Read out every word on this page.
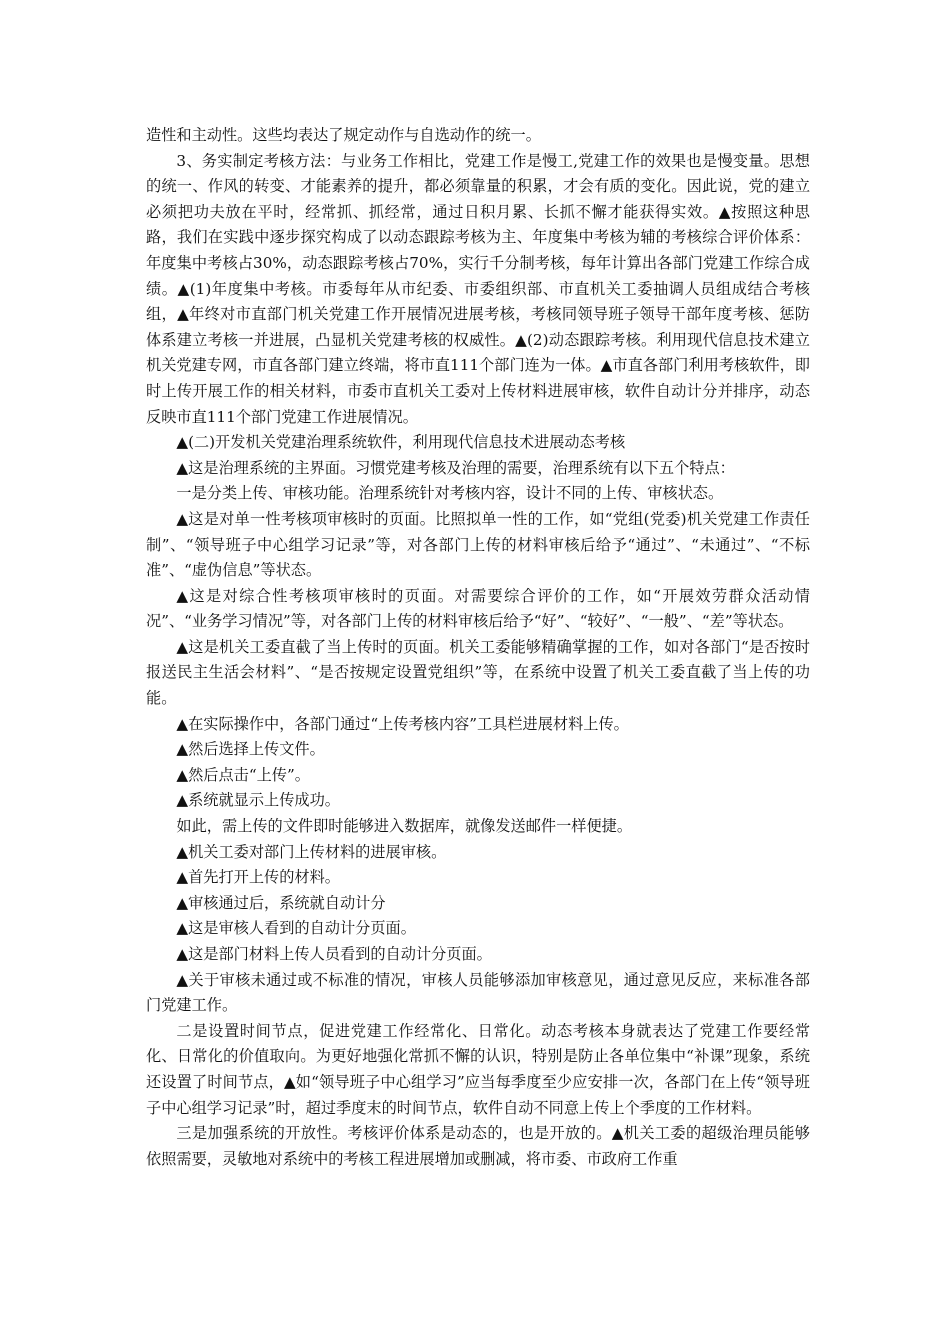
造性和主动性。这些均表达了规定动作与自选动作的统一。

3、务实制定考核方法：与业务工作相比，党建工作是慢工,党建工作的效果也是慢变量。思想的统一、作风的转变、才能素养的提升，都必须靠量的积累，才会有质的变化。因此说，党的建立必须把功夫放在平时，经常抓、抓经常，通过日积月累、长抓不懈才能获得实效。▲按照这种思路，我们在实践中逐步探究构成了以动态跟踪考核为主、年度集中考核为辅的考核综合评价体系：年度集中考核占30%，动态跟踪考核占70%，实行千分制考核，每年计算出各部门党建工作综合成绩。▲(1)年度集中考核。市委每年从市纪委、市委组织部、市直机关工委抽调人员组成结合考核组，▲年终对市直部门机关党建工作开展情况进展考核，考核同领导班子领导干部年度考核、惩防体系建立考核一并进展，凸显机关党建考核的权威性。▲(2)动态跟踪考核。利用现代信息技术建立机关党建专网，市直各部门建立终端，将市直111个部门连为一体。▲市直各部门利用考核软件，即时上传开展工作的相关材料，市委市直机关工委对上传材料进展审核，软件自动计分并排序，动态反映市直111个部门党建工作进展情况。

▲(二)开发机关党建治理系统软件，利用现代信息技术进展动态考核

▲这是治理系统的主界面。习惯党建考核及治理的需要，治理系统有以下五个特点：

一是分类上传、审核功能。治理系统针对考核内容，设计不同的上传、审核状态。

▲这是对单一性考核项审核时的页面。比照拟单一性的工作，如“党组(党委)机关党建工作责任制”、“领导班子中心组学习记录”等，对各部门上传的材料审核后给予“通过”、“未通过”、“不标准”、“虚伪信息”等状态。

▲这是对综合性考核项审核时的页面。对需要综合评价的工作，如“开展效劳群众活动情况”、“业务学习情况”等，对各部门上传的材料审核后给予“好”、“较好”、“一般”、“差”等状态。

▲这是机关工委直截了当上传时的页面。机关工委能够精确掌握的工作，如对各部门“是否按时报送民主生活会材料”、“是否按规定设置党组织”等，在系统中设置了机关工委直截了当上传的功能。

▲在实际操作中，各部门通过“上传考核内容”工具栏进展材料上传。

▲然后选择上传文件。

▲然后点击“上传”。

▲系统就显示上传成功。

如此，需上传的文件即时能够进入数据库，就像发送邮件一样便捷。

▲机关工委对部门上传材料的进展审核。

▲首先打开上传的材料。

▲审核通过后，系统就自动计分

▲这是审核人看到的自动计分页面。

▲这是部门材料上传人员看到的自动计分页面。

▲关于审核未通过或不标准的情况，审核人员能够添加审核意见，通过意见反应，来标准各部门党建工作。

二是设置时间节点，促进党建工作经常化、日常化。动态考核本身就表达了党建工作要经常化、日常化的价值取向。为更好地强化常抓不懈的认识，特别是防止各单位集中“补课”现象，系统还设置了时间节点，▲如“领导班子中心组学习”应当每季度至少应安排一次，各部门在上传“领导班子中心组学习记录”时，超过季度末的时间节点，软件自动不同意上传上个季度的工作材料。

三是加强系统的开放性。考核评价体系是动态的，也是开放的。▲机关工委的超级治理员能够依照需要，灵敏地对系统中的考核工程进展增加或删减，将市委、市政府工作重
